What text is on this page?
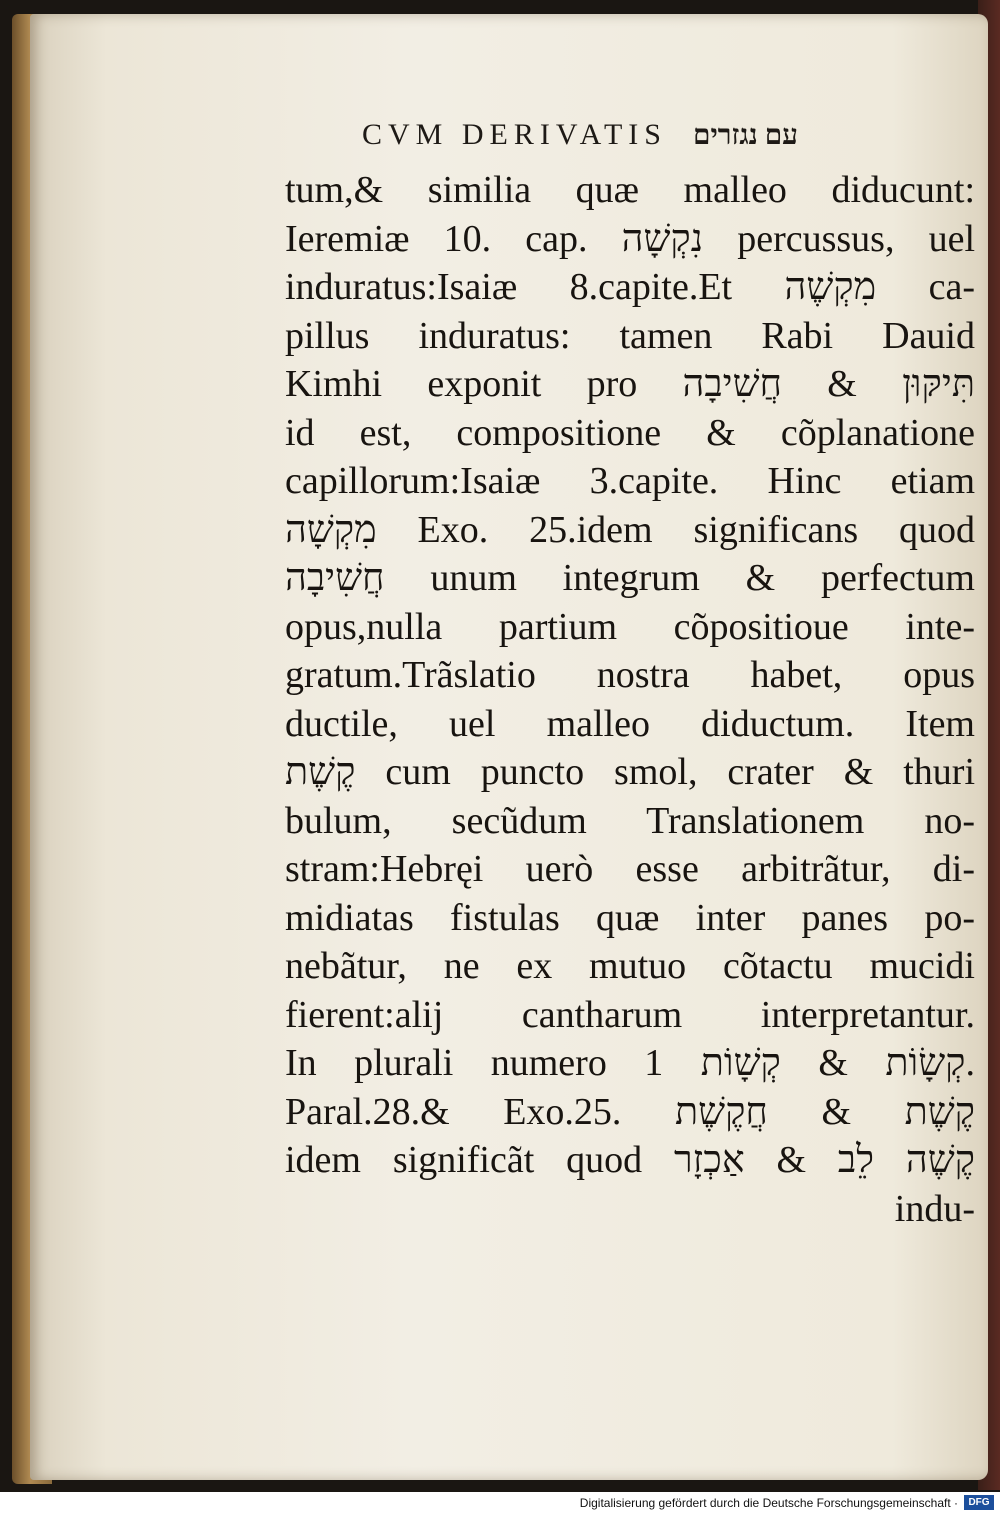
CVM DERIVATIS עם נגזרים
tum,& similia quæ malleo diducunt:
Ieremiæ 10. cap. נִקְשָׁה percussus, uel
induratus:Isaiæ 8.capite.Et מִקְשֶׁה ca-
pillus induratus: tamen Rabi Dauid
Kimhi exponit pro תִּיקּוּן & חֲשִׁיבָה
id est, compositione & cõplanatione
capillorum:Isaiæ 3.capite. Hinc etiam
מִקְשָׁה Exo. 25.idem significans quod
חֲשִׁיבָה unum integrum & perfectum
opus,nulla partium cõpositioue inte-
gratum.Trãslatio nostra habet, opus
ductile, uel malleo diductum. Item
קֶשֶׁת cum puncto smol, crater & thuri
bulum, secũdum Translationem no-
stram:Hebręi uerò esse arbitrãtur, di-
midiatas fistulas quæ inter panes po-
nebãtur, ne ex mutuo cõtactu mucidi
fierent:alij cantharum interpretantur.
In plurali numero קְשָׂוֹת & קְשָׁוֹת 1.
Paral.28.& Exo.25. קֶשֶׁת & חֲקֶשֶׁת
idem significãt quod קֶשֶׁה לֵב & אַכְזָר
indu-
Digitalisierung gefördert durch die Deutsche Forschungsgemeinschaft ·	DFG
